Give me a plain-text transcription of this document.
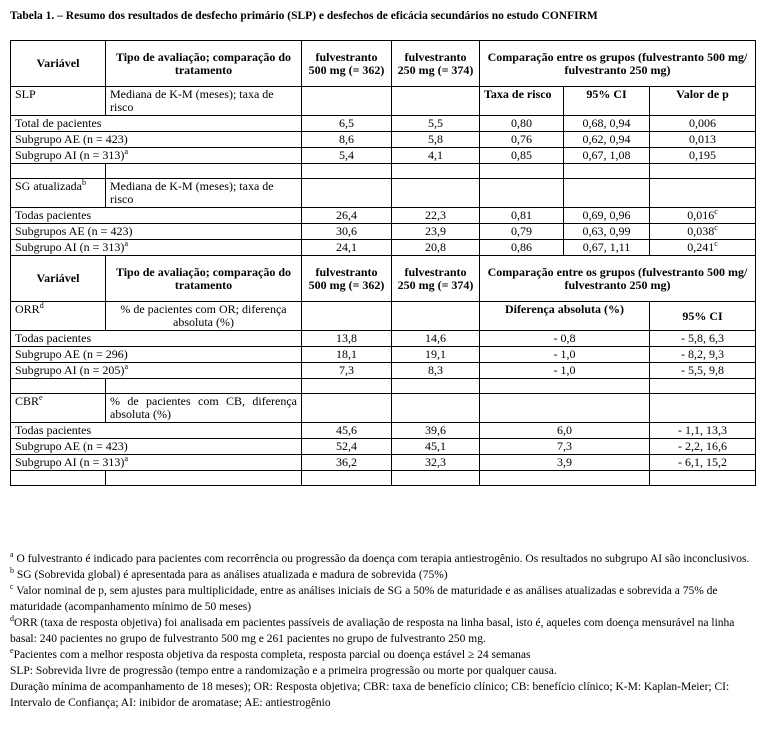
Tabela 1. – Resumo dos resultados de desfecho primário (SLP) e desfechos de eficácia secundários no estudo CONFIRM
Variável	Tipo de avaliação; comparação do tratamento	fulvestranto 500 mg (= 362)	fulvestranto 250 mg (= 374)	Comparação entre os grupos (fulvestranto 500 mg/ fulvestranto 250 mg)		
SLP	Mediana de K-M (meses); taxa de risco			Taxa de risco	95% CI	Valor de p
Total de pacientes		6,5	5,5	0,80	0,68, 0,94	0,006
Subgrupo AE (n = 423)		8,6	5,8	0,76	0,62, 0,94	0,013
Subgrupo AI (n = 313)$^a$		5,4	4,1	0,85	0,67, 1,08	0,195

SG atualizada$^b$	Mediana de K-M (meses); taxa de risco					
Todas pacientes		26,4	22,3	0,81	0,69, 0,96	0,016$^c$
Subgrupos AE (n = 423)		30,6	23,9	0,79	0,63, 0,99	0,038$^c$
Subgrupo AI (n = 313)$^a$		24,1	20,8	0,86	0,67, 1,11	0,241$^c$
Variável	Tipo de avaliação; comparação do tratamento	fulvestranto 500 mg (= 362)	fulvestranto 250 mg (= 374)	Comparação entre os grupos (fulvestranto 500 mg/ fulvestranto 250 mg)		
ORR$^d$	% de pacientes com OR; diferença absoluta (%)			Diferença absoluta (%)		95% CI
Todas pacientes		13,8	14,6	- 0,8		- 5,8, 6,3
Subgrupo AE (n = 296)		18,1	19,1	- 1,0		- 8,2, 9,3
Subgrupo AI (n = 205)$^a$		7,3	8,3	- 1,0		- 5,5, 9,8

CBR$^e$	% de pacientes com CB, diferença absoluta (%)					
Todas pacientes		45,6	39,6	6,0		- 1,1, 13,3
Subgrupo AE (n = 423)		52,4	45,1	7,3		- 2,2, 16,6
Subgrupo AI (n = 313)$^a$		36,2	32,3	3,9		- 6,1, 15,2

$^a$ O fulvestranto é indicado para pacientes com recorrência ou progressão da doença com terapia antiestrogênio. Os resultados no subgrupo AI são inconclusivos.

$^b$ SG (Sobrevida global) é apresentada para as análises atualizada e madura de sobrevida (75%)

$^c$ Valor nominal de p, sem ajustes para multiplicidade, entre as análises iniciais de SG a 50% de maturidade e as análises atualizadas e sobrevida a 75% de maturidade (acompanhamento mínimo de 50 meses)

$^d$ORR (taxa de resposta objetiva) foi analisada em pacientes passíveis de avaliação de resposta na linha basal, isto é, aqueles com doença mensurável na linha basal: 240 pacientes no grupo de fulvestranto 500 mg e 261 pacientes no grupo de fulvestranto 250 mg.

$^e$Pacientes com a melhor resposta objetiva da resposta completa, resposta parcial ou doença estável ≥ 24 semanas

SLP: Sobrevida livre de progressão (tempo entre a randomização e a primeira progressão ou morte por qualquer causa.

Duração mínima de acompanhamento de 18 meses); OR: Resposta objetiva; CBR: taxa de benefício clínico; CB: benefício clínico; K-M: Kaplan-Meier; CI: Intervalo de Confiança; AI: inibidor de aromatase; AE: antiestrogênio
